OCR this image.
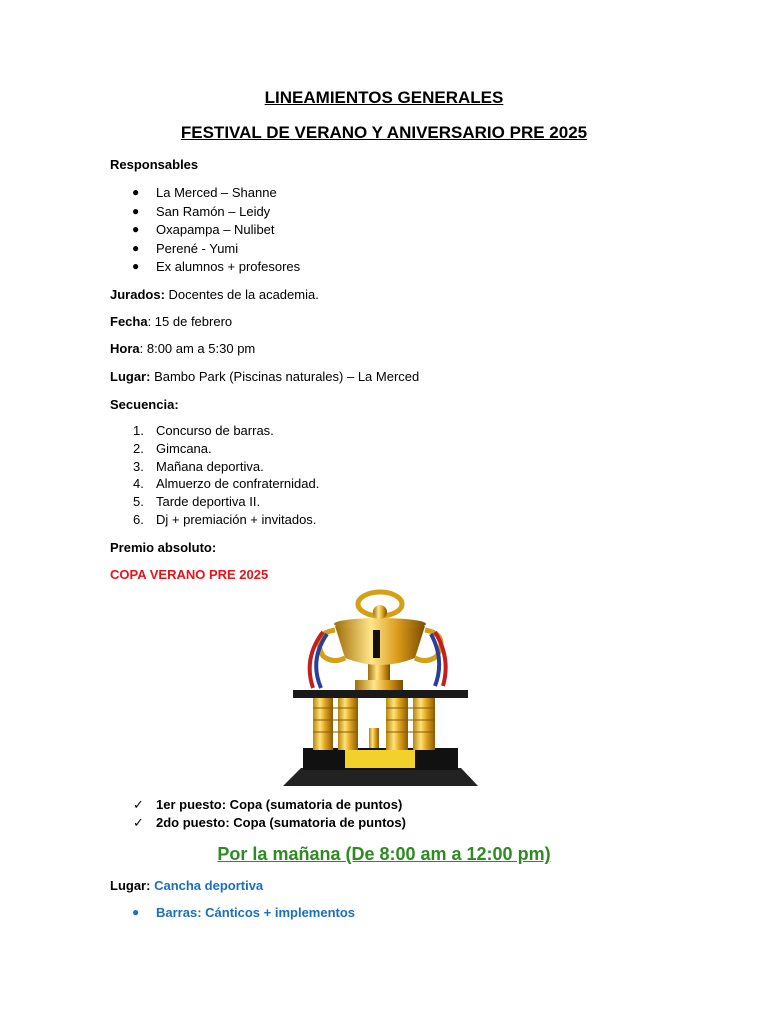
LINEAMIENTOS GENERALES
FESTIVAL DE VERANO Y ANIVERSARIO PRE 2025
Responsables
● La Merced – Shanne
● San Ramón – Leidy
● Oxapampa – Nulibet
● Perené - Yumi
● Ex alumnos + profesores
Jurados: Docentes de la academia.
Fecha: 15 de febrero
Hora: 8:00 am a 5:30 pm
Lugar: Bambo Park (Piscinas naturales) – La Merced
Secuencia:
1. Concurso de barras.
2. Gimcana.
3. Mañana deportiva.
4. Almuerzo de confraternidad.
5. Tarde deportiva II.
6. Dj + premiación + invitados.
Premio absoluto:
COPA VERANO PRE 2025
✓ 1er puesto: Copa (sumatoria de puntos)
✓ 2do puesto: Copa (sumatoria de puntos)
Por la mañana (De 8:00 am a 12:00 pm)
Lugar: Cancha deportiva
● Barras: Cánticos + implementos
